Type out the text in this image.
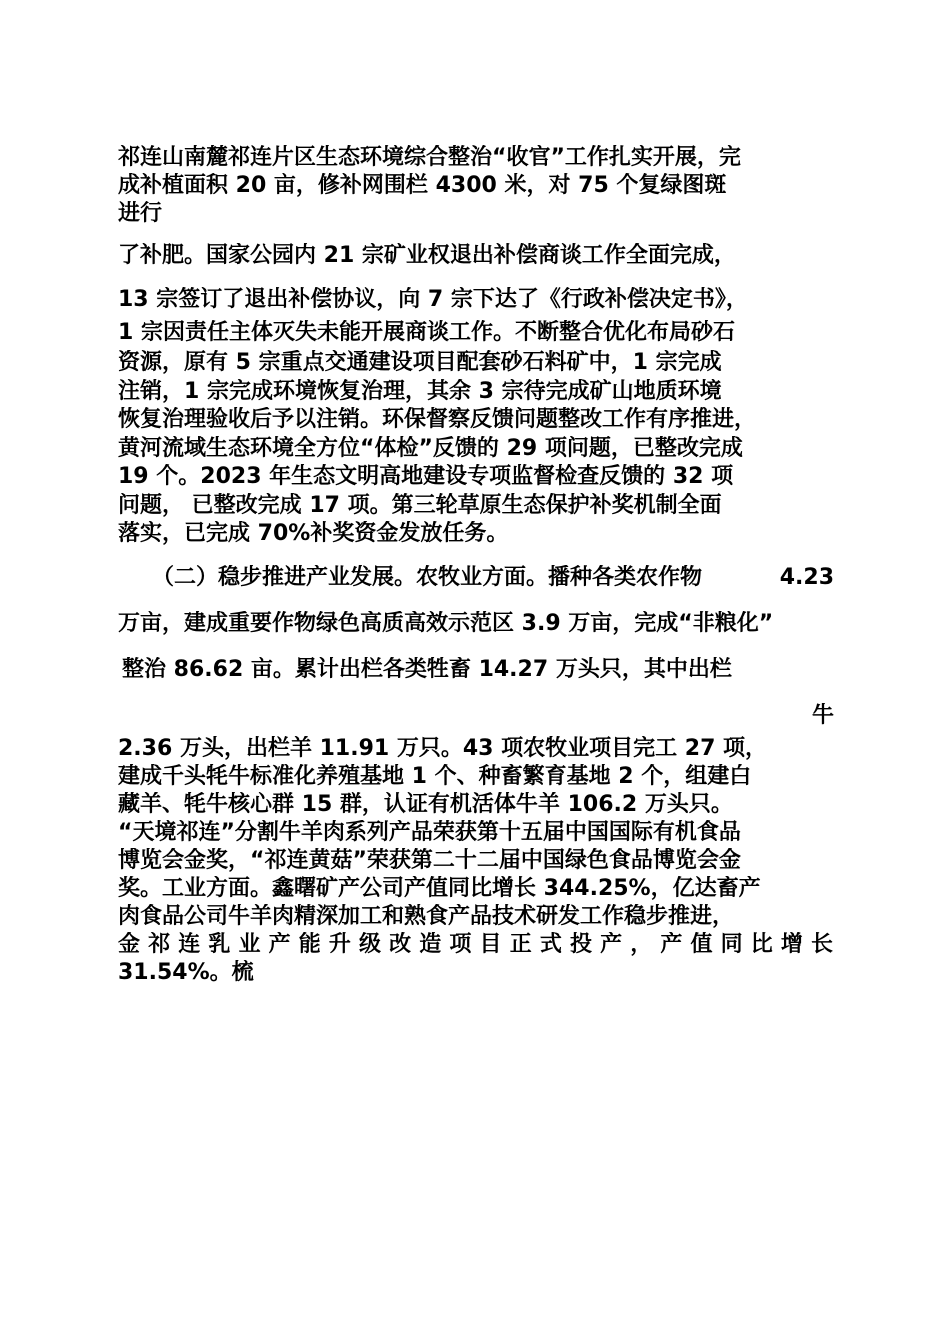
祁连山南麓祁连片区生态环境综合整治“收官”工作扎实开展，完
成补植面积 20 亩，修补网围栏 4300 米，对 75 个复绿图斑
进行
了补肥。国家公园内 21 宗矿业权退出补偿商谈工作全面完成，
13 宗签订了退出补偿协议，向 7 宗下达了《行政补偿决定书》，
1 宗因责任主体灭失未能开展商谈工作。不断整合优化布局砂石
资源，原有 5 宗重点交通建设项目配套砂石料矿中，1 宗完成
注销，1 宗完成环境恢复治理，其余 3 宗待完成矿山地质环境
恢复治理验收后予以注销。环保督察反馈问题整改工作有序推进，
黄河流域生态环境全方位“体检”反馈的 29 项问题，已整改完成
19 个。2023 年生态文明高地建设专项监督检查反馈的 32 项
问题， 已整改完成 17 项。第三轮草原生态保护补奖机制全面
落实，已完成 70%补奖资金发放任务。
（二）稳步推进产业发展。农牧业方面。播种各类农作物	4.23
万亩，建成重要作物绿色高质高效示范区 3.9 万亩，完成“非粮化”
整治 86.62 亩。累计出栏各类牲畜 14.27 万头只，其中出栏
牛
2.36 万头，出栏羊 11.91 万只。43 项农牧业项目完工 27 项，
建成千头牦牛标准化养殖基地 1 个、种畜繁育基地 2 个，组建白
藏羊、牦牛核心群 15 群，认证有机活体牛羊 106.2 万头只。
“天境祁连”分割牛羊肉系列产品荣获第十五届中国国际有机食品
博览会金奖，“祁连黄菇”荣获第二十二届中国绿色食品博览会金
奖。工业方面。鑫曙矿产公司产值同比增长 344.25%，亿达畜产
肉食品公司牛羊肉精深加工和熟食产品技术研发工作稳步推进，
金祁连乳业产能升级改造项目正式投产，产值同比增长
31.54%。梳
